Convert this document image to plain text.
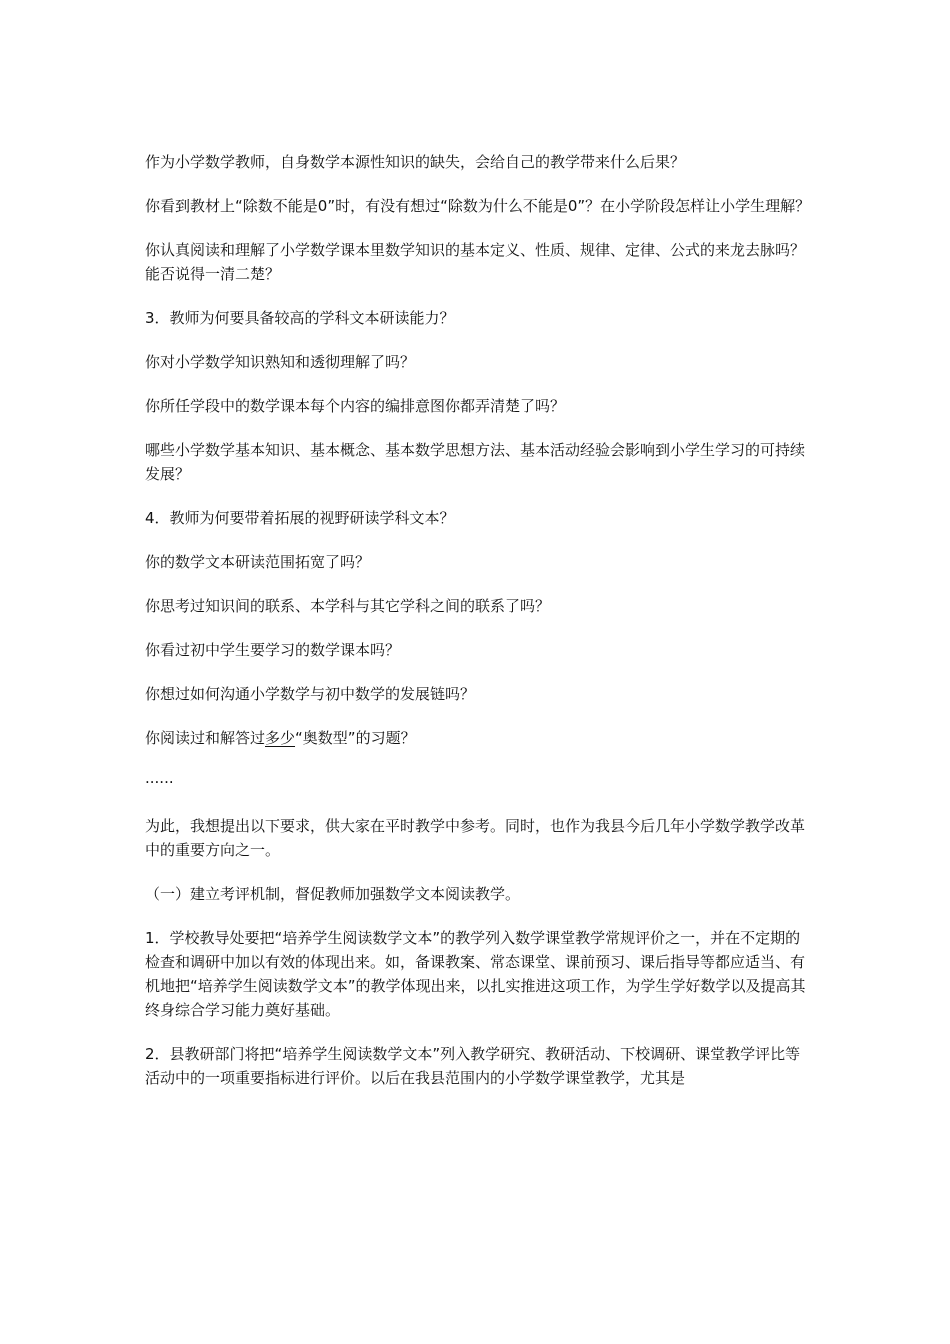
作为小学数学教师，自身数学本源性知识的缺失，会给自己的教学带来什么后果？

你看到教材上“除数不能是0”时，有没有想过“除数为什么不能是0”？在小学阶段怎样让小学生理解？

你认真阅读和理解了小学数学课本里数学知识的基本定义、性质、规律、定律、公式的来龙去脉吗？能否说得一清二楚？

3．教师为何要具备较高的学科文本研读能力？

你对小学数学知识熟知和透彻理解了吗？

你所任学段中的数学课本每个内容的编排意图你都弄清楚了吗？

哪些小学数学基本知识、基本概念、基本数学思想方法、基本活动经验会影响到小学生学习的可持续发展？

4．教师为何要带着拓展的视野研读学科文本？

你的数学文本研读范围拓宽了吗？

你思考过知识间的联系、本学科与其它学科之间的联系了吗？

你看过初中学生要学习的数学课本吗？

你想过如何沟通小学数学与初中数学的发展链吗？

你阅读过和解答过多少“奥数型”的习题？

......

为此，我想提出以下要求，供大家在平时教学中参考。同时，也作为我县今后几年小学数学教学改革中的重要方向之一。

（一）建立考评机制，督促教师加强数学文本阅读教学。

1．学校教导处要把“培养学生阅读数学文本”的教学列入数学课堂教学常规评价之一，并在不定期的检查和调研中加以有效的体现出来。如，备课教案、常态课堂、课前预习、课后指导等都应适当、有机地把“培养学生阅读数学文本”的教学体现出来，以扎实推进这项工作，为学生学好数学以及提高其终身综合学习能力奠好基础。

2．县教研部门将把“培养学生阅读数学文本”列入教学研究、教研活动、下校调研、课堂教学评比等活动中的一项重要指标进行评价。以后在我县范围内的小学数学课堂教学，尤其是
